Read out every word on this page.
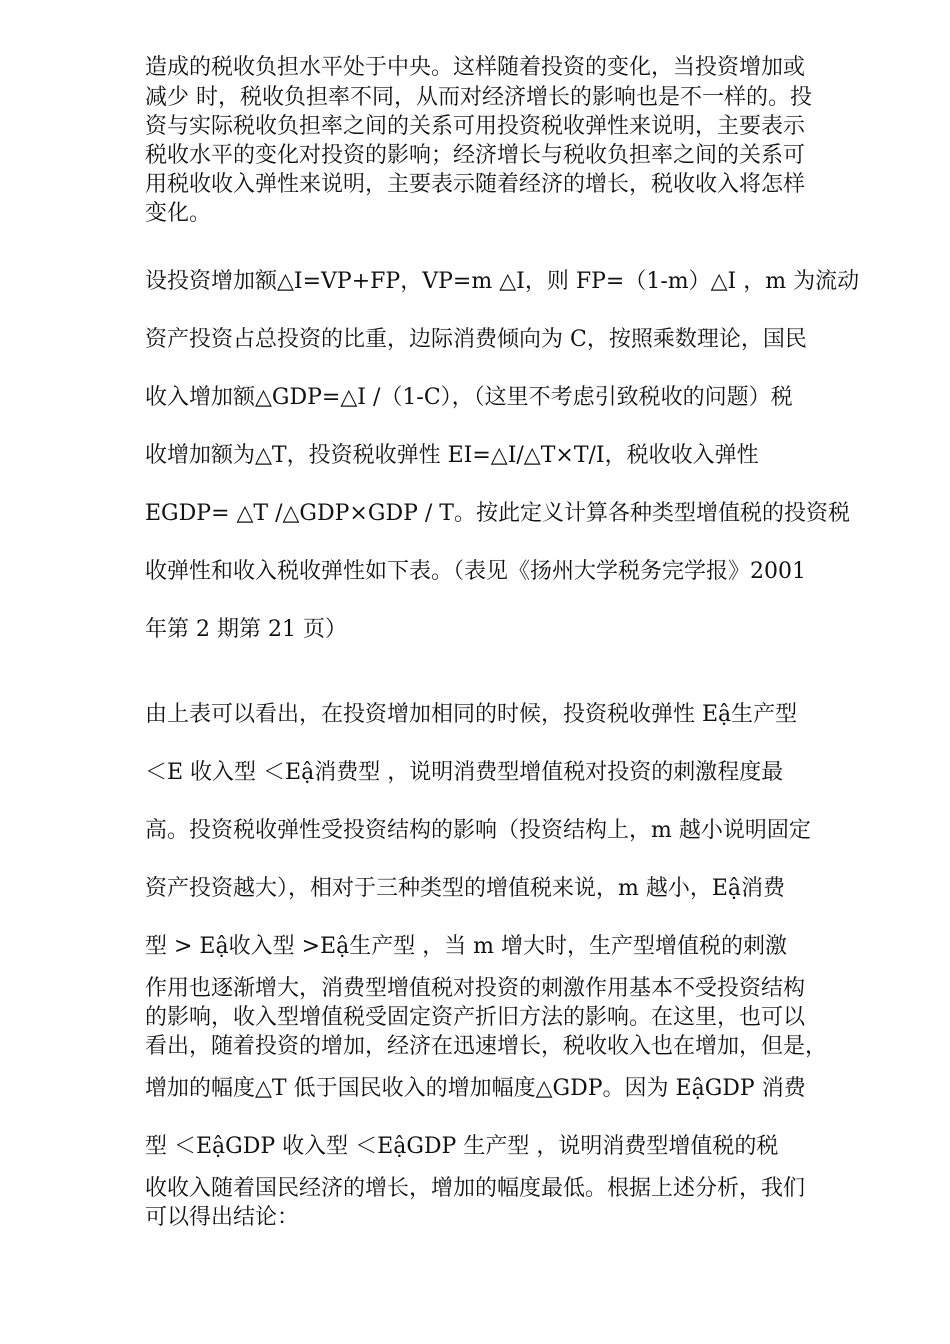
造成的税收负担水平处于中央。这样随着投资的变化，当投资增加或
减少 时，税收负担率不同，从而对经济增长的影响也是不一样的。投
资与实际税收负担率之间的关系可用投资税收弹性来说明，主要表示
税收水平的变化对投资的影响；经济增长与税收负担率之间的关系可
用税收收入弹性来说明，主要表示随着经济的增长，税收收入将怎样
变化。
设投资增加额△I=VP+FP，VP=m △I，则 FP=（1-m）△I ，m 为流动
资产投资占总投资的比重，边际消费倾向为 C，按照乘数理论，国民
收入增加额△GDP=△I /（1-C），（这里不考虑引致税收的问题）税
收增加额为△T，投资税收弹性 EI=△I/△T×T/I，税收收入弹性
EGDP= △T /△GDP×GDP / T。按此定义计算各种类型增值税的投资税
收弹性和收入税收弹性如下表。（表见《扬州大学税务完学报》2001
年第 2 期第 21 页）
由上表可以看出，在投资增加相同的时候，投资税收弹性 Eậ生产型
＜E 收入型 ＜Eậ消费型 ，说明消费型增值税对投资的刺激程度最
高。投资税收弹性受投资结构的影响（投资结构上，m 越小说明固定
资产投资越大），相对于三种类型的增值税来说，m 越小，Eậ消费
型 > Eậ收入型 >Eậ生产型 ，当 m 增大时，生产型增值税的刺激
作用也逐渐增大，消费型增值税对投资的刺激作用基本不受投资结构
的影响，收入型增值税受固定资产折旧方法的影响。在这里，也可以
看出，随着投资的增加，经济在迅速增长，税收收入也在增加，但是，
增加的幅度△T 低于国民收入的增加幅度△GDP。因为 EậGDP 消费
型 ＜EậGDP 收入型 ＜EậGDP 生产型 ，说明消费型增值税的税
收收入随着国民经济的增长，增加的幅度最低。根据上述分析，我们
可以得出结论：
